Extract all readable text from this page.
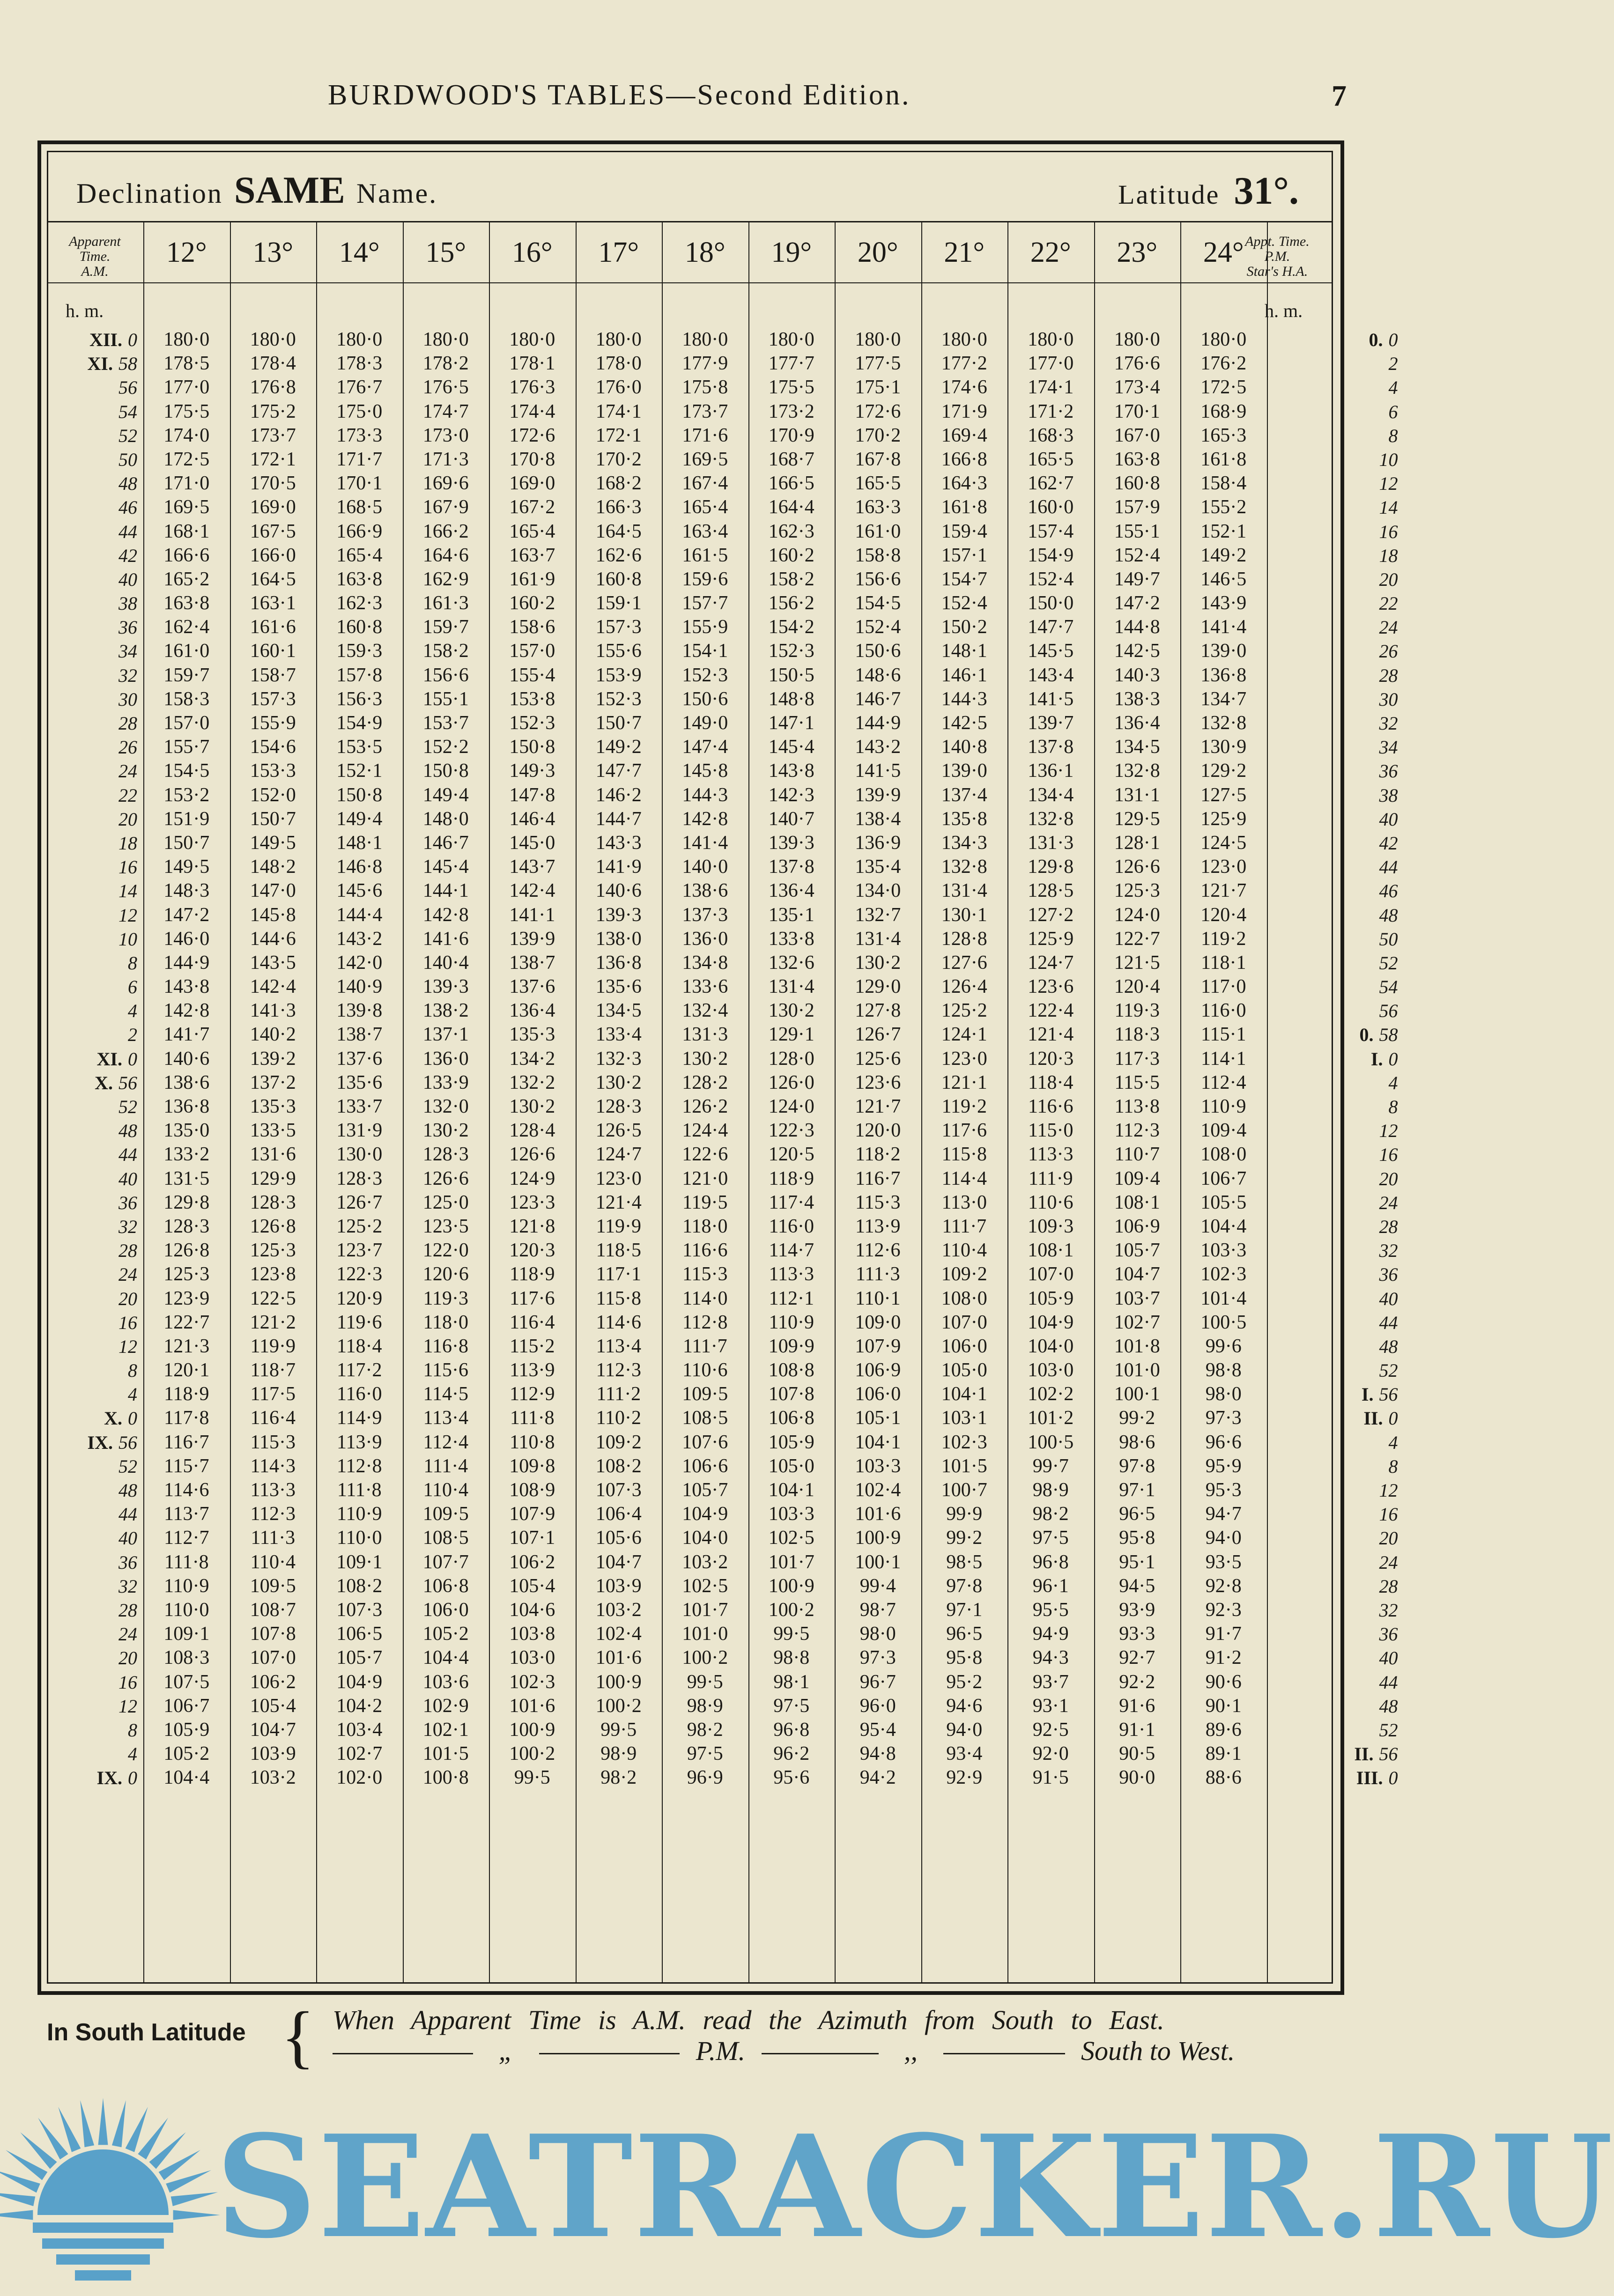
BURDWOOD'S TABLES—Second Edition.	7
Declination SAME Name.	Latitude 31°.
Apparent
Time.
A.M.
Appt. Time.
P.M.
Star's H.A.
12°	13°	14°	15°	16°	17°	18°	19°	20°	21°	22°	23°	24°
h. m.	h. m.
XII. 0	180·0	180·0	180·0	180·0	180·0	180·0	180·0	180·0	180·0	180·0	180·0	180·0	180·0	0. 0
XI. 58	178·5	178·4	178·3	178·2	178·1	178·0	177·9	177·7	177·5	177·2	177·0	176·6	176·2	2
56	177·0	176·8	176·7	176·5	176·3	176·0	175·8	175·5	175·1	174·6	174·1	173·4	172·5	4
54	175·5	175·2	175·0	174·7	174·4	174·1	173·7	173·2	172·6	171·9	171·2	170·1	168·9	6
52	174·0	173·7	173·3	173·0	172·6	172·1	171·6	170·9	170·2	169·4	168·3	167·0	165·3	8
50	172·5	172·1	171·7	171·3	170·8	170·2	169·5	168·7	167·8	166·8	165·5	163·8	161·8	10
48	171·0	170·5	170·1	169·6	169·0	168·2	167·4	166·5	165·5	164·3	162·7	160·8	158·4	12
46	169·5	169·0	168·5	167·9	167·2	166·3	165·4	164·4	163·3	161·8	160·0	157·9	155·2	14
44	168·1	167·5	166·9	166·2	165·4	164·5	163·4	162·3	161·0	159·4	157·4	155·1	152·1	16
42	166·6	166·0	165·4	164·6	163·7	162·6	161·5	160·2	158·8	157·1	154·9	152·4	149·2	18
40	165·2	164·5	163·8	162·9	161·9	160·8	159·6	158·2	156·6	154·7	152·4	149·7	146·5	20
38	163·8	163·1	162·3	161·3	160·2	159·1	157·7	156·2	154·5	152·4	150·0	147·2	143·9	22
36	162·4	161·6	160·8	159·7	158·6	157·3	155·9	154·2	152·4	150·2	147·7	144·8	141·4	24
34	161·0	160·1	159·3	158·2	157·0	155·6	154·1	152·3	150·6	148·1	145·5	142·5	139·0	26
32	159·7	158·7	157·8	156·6	155·4	153·9	152·3	150·5	148·6	146·1	143·4	140·3	136·8	28
30	158·3	157·3	156·3	155·1	153·8	152·3	150·6	148·8	146·7	144·3	141·5	138·3	134·7	30
28	157·0	155·9	154·9	153·7	152·3	150·7	149·0	147·1	144·9	142·5	139·7	136·4	132·8	32
26	155·7	154·6	153·5	152·2	150·8	149·2	147·4	145·4	143·2	140·8	137·8	134·5	130·9	34
24	154·5	153·3	152·1	150·8	149·3	147·7	145·8	143·8	141·5	139·0	136·1	132·8	129·2	36
22	153·2	152·0	150·8	149·4	147·8	146·2	144·3	142·3	139·9	137·4	134·4	131·1	127·5	38
20	151·9	150·7	149·4	148·0	146·4	144·7	142·8	140·7	138·4	135·8	132·8	129·5	125·9	40
18	150·7	149·5	148·1	146·7	145·0	143·3	141·4	139·3	136·9	134·3	131·3	128·1	124·5	42
16	149·5	148·2	146·8	145·4	143·7	141·9	140·0	137·8	135·4	132·8	129·8	126·6	123·0	44
14	148·3	147·0	145·6	144·1	142·4	140·6	138·6	136·4	134·0	131·4	128·5	125·3	121·7	46
12	147·2	145·8	144·4	142·8	141·1	139·3	137·3	135·1	132·7	130·1	127·2	124·0	120·4	48
10	146·0	144·6	143·2	141·6	139·9	138·0	136·0	133·8	131·4	128·8	125·9	122·7	119·2	50
8	144·9	143·5	142·0	140·4	138·7	136·8	134·8	132·6	130·2	127·6	124·7	121·5	118·1	52
6	143·8	142·4	140·9	139·3	137·6	135·6	133·6	131·4	129·0	126·4	123·6	120·4	117·0	54
4	142·8	141·3	139·8	138·2	136·4	134·5	132·4	130·2	127·8	125·2	122·4	119·3	116·0	56
2	141·7	140·2	138·7	137·1	135·3	133·4	131·3	129·1	126·7	124·1	121·4	118·3	115·1	0. 58
XI. 0	140·6	139·2	137·6	136·0	134·2	132·3	130·2	128·0	125·6	123·0	120·3	117·3	114·1	I. 0
X. 56	138·6	137·2	135·6	133·9	132·2	130·2	128·2	126·0	123·6	121·1	118·4	115·5	112·4	4
52	136·8	135·3	133·7	132·0	130·2	128·3	126·2	124·0	121·7	119·2	116·6	113·8	110·9	8
48	135·0	133·5	131·9	130·2	128·4	126·5	124·4	122·3	120·0	117·6	115·0	112·3	109·4	12
44	133·2	131·6	130·0	128·3	126·6	124·7	122·6	120·5	118·2	115·8	113·3	110·7	108·0	16
40	131·5	129·9	128·3	126·6	124·9	123·0	121·0	118·9	116·7	114·4	111·9	109·4	106·7	20
36	129·8	128·3	126·7	125·0	123·3	121·4	119·5	117·4	115·3	113·0	110·6	108·1	105·5	24
32	128·3	126·8	125·2	123·5	121·8	119·9	118·0	116·0	113·9	111·7	109·3	106·9	104·4	28
28	126·8	125·3	123·7	122·0	120·3	118·5	116·6	114·7	112·6	110·4	108·1	105·7	103·3	32
24	125·3	123·8	122·3	120·6	118·9	117·1	115·3	113·3	111·3	109·2	107·0	104·7	102·3	36
20	123·9	122·5	120·9	119·3	117·6	115·8	114·0	112·1	110·1	108·0	105·9	103·7	101·4	40
16	122·7	121·2	119·6	118·0	116·4	114·6	112·8	110·9	109·0	107·0	104·9	102·7	100·5	44
12	121·3	119·9	118·4	116·8	115·2	113·4	111·7	109·9	107·9	106·0	104·0	101·8	99·6	48
8	120·1	118·7	117·2	115·6	113·9	112·3	110·6	108·8	106·9	105·0	103·0	101·0	98·8	52
4	118·9	117·5	116·0	114·5	112·9	111·2	109·5	107·8	106·0	104·1	102·2	100·1	98·0	I. 56
X. 0	117·8	116·4	114·9	113·4	111·8	110·2	108·5	106·8	105·1	103·1	101·2	99·2	97·3	II. 0
IX. 56	116·7	115·3	113·9	112·4	110·8	109·2	107·6	105·9	104·1	102·3	100·5	98·6	96·6	4
52	115·7	114·3	112·8	111·4	109·8	108·2	106·6	105·0	103·3	101·5	99·7	97·8	95·9	8
48	114·6	113·3	111·8	110·4	108·9	107·3	105·7	104·1	102·4	100·7	98·9	97·1	95·3	12
44	113·7	112·3	110·9	109·5	107·9	106·4	104·9	103·3	101·6	99·9	98·2	96·5	94·7	16
40	112·7	111·3	110·0	108·5	107·1	105·6	104·0	102·5	100·9	99·2	97·5	95·8	94·0	20
36	111·8	110·4	109·1	107·7	106·2	104·7	103·2	101·7	100·1	98·5	96·8	95·1	93·5	24
32	110·9	109·5	108·2	106·8	105·4	103·9	102·5	100·9	99·4	97·8	96·1	94·5	92·8	28
28	110·0	108·7	107·3	106·0	104·6	103·2	101·7	100·2	98·7	97·1	95·5	93·9	92·3	32
24	109·1	107·8	106·5	105·2	103·8	102·4	101·0	99·5	98·0	96·5	94·9	93·3	91·7	36
20	108·3	107·0	105·7	104·4	103·0	101·6	100·2	98·8	97·3	95·8	94·3	92·7	91·2	40
16	107·5	106·2	104·9	103·6	102·3	100·9	99·5	98·1	96·7	95·2	93·7	92·2	90·6	44
12	106·7	105·4	104·2	102·9	101·6	100·2	98·9	97·5	96·0	94·6	93·1	91·6	90·1	48
8	105·9	104·7	103·4	102·1	100·9	99·5	98·2	96·8	95·4	94·0	92·5	91·1	89·6	52
4	105·2	103·9	102·7	101·5	100·2	98·9	97·5	96·2	94·8	93·4	92·0	90·5	89·1	II. 56
IX. 0	104·4	103·2	102·0	100·8	99·5	98·2	96·9	95·6	94·2	92·9	91·5	90·0	88·6	III. 0
In South Latitude { When Apparent Time is A.M. read the Azimuth from South to East.
„	P.M.	,,	South to West.
SEATRACKER.RU
